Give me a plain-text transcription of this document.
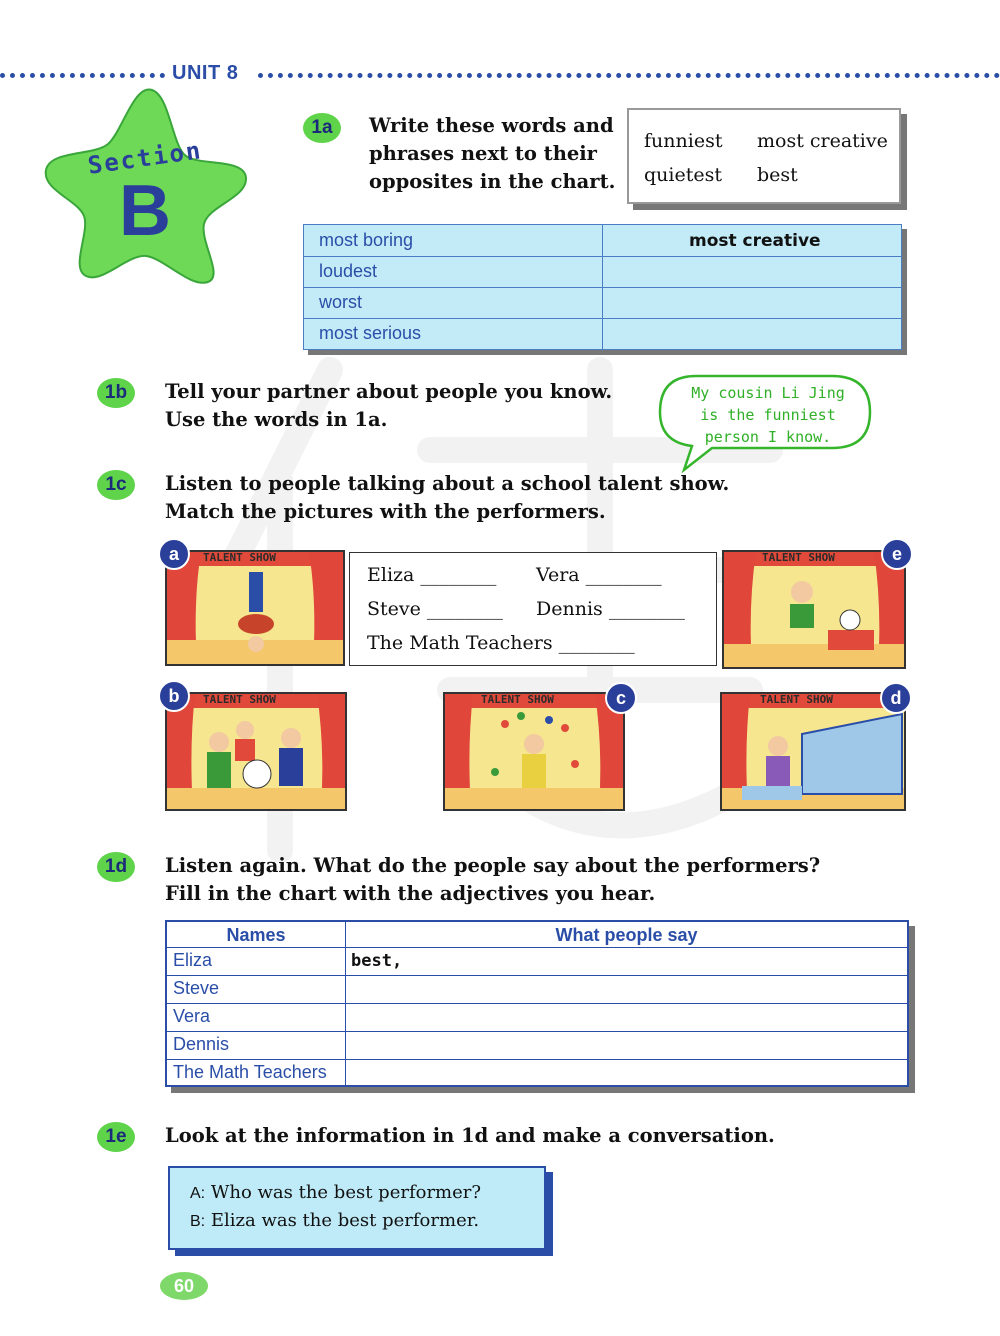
UNIT 8
Section
B
1a	Write these words and
phrases next to their
opposites in the chart.
funniest most creative
quietest best
most boring	most creative
loudest
worst
most serious
1b	Tell your partner about people you know.
Use the words in 1a.
My cousin Li Jing
is the funniest
person I know.
1c	Listen to people talking about a school talent show.
Match the pictures with the performers.
TALENT SHOW
a
Eliza ________ Vera ________
Steve ________ Dennis ________
The Math Teachers ________
TALENT SHOW	e
TALENT SHOW
b	TALENT SHOW	c	TALENT SHOW	d
1d	Listen again. What do the people say about the performers?
Fill in the chart with the adjectives you hear.
Names	What people say
Eliza	best,
Steve
Vera
Dennis
The Math Teachers
1e	Look at the information in 1d and make a conversation.
A: Who was the best performer?
B: Eliza was the best performer.
60
